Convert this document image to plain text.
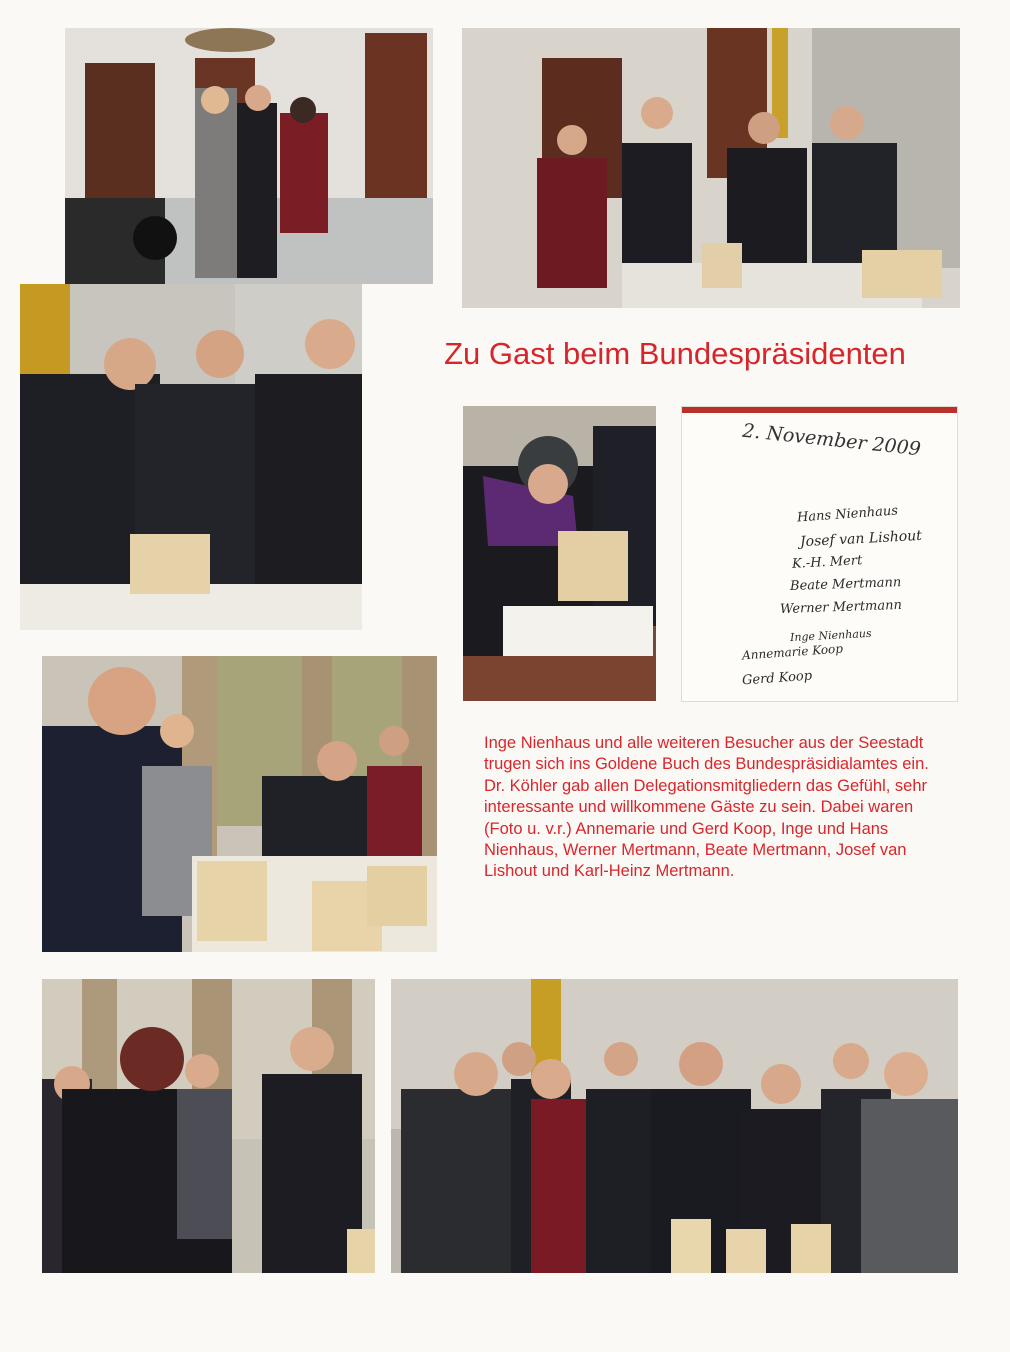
Zu Gast beim Bundespräsidenten
2. November 2009
Hans Nienhaus
Josef van Lishout
K.-H. Mert
Beate Mertmann
Werner Mertmann
Inge Nienhaus
Annemarie Koop
Gerd Koop
Inge Nienhaus und alle weiteren Besucher aus der Seestadt trugen sich ins Goldene Buch des Bundespräsidialamtes ein. Dr. Köhler gab allen Delegationsmitgliedern das Gefühl, sehr interessante und willkommene Gäste zu sein. Dabei waren (Foto u. v.r.) Annemarie und Gerd Koop, Inge und Hans Nienhaus, Werner Mertmann, Beate Mertmann, Josef van Lishout und Karl-Heinz Mertmann.
